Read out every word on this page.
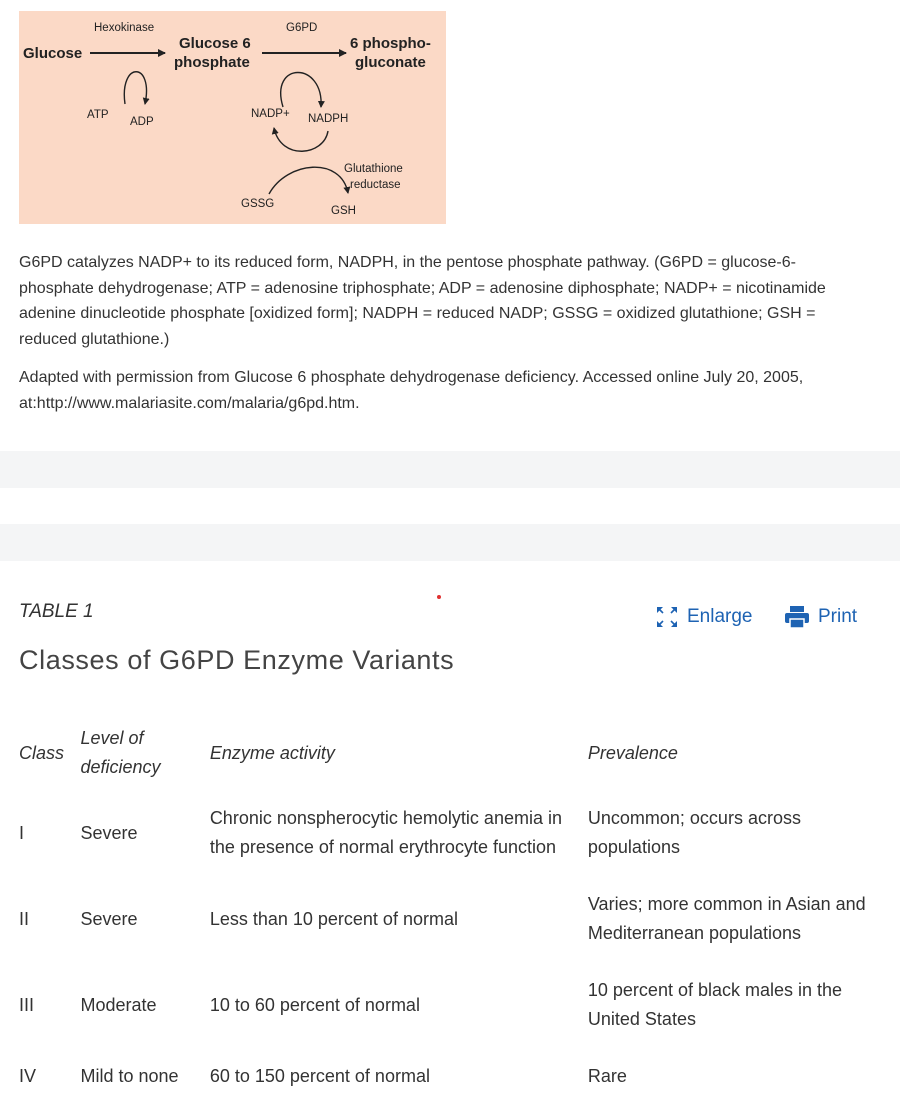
Glucose
Hexokinase
Glucose 6
phosphate
G6PD
6 phospho-
gluconate
ATP
ADP
NADP+ NADPH
Glutathione
reductase
GSSG
GSH

G6PD catalyzes NADP+ to its reduced form, NADPH, in the pentose phosphate pathway. (G6PD = glucose-6-phosphate dehydrogenase; ATP = adenosine triphosphate; ADP = adenosine diphosphate; NADP+ = nicotinamide adenine dinucleotide phosphate [oxidized form]; NADPH = reduced NADP; GSSG = oxidized glutathione; GSH = reduced glutathione.)

Adapted with permission from Glucose 6 phosphate dehydrogenase deficiency. Accessed online July 20, 2005, at:http://www.malariasite.com/malaria/g6pd.htm.

TABLE 1	Enlarge	Print
Classes of G6PD Enzyme Variants
Class	Level of deficiency	Enzyme activity	Prevalence
I	Severe	Chronic nonspherocytic hemolytic anemia in the presence of normal erythrocyte function	Uncommon; occurs across populations
II	Severe	Less than 10 percent of normal	Varies; more common in Asian and Mediterranean populations
III	Moderate	10 to 60 percent of normal	10 percent of black males in the United States
IV	Mild to none	60 to 150 percent of normal	Rare
